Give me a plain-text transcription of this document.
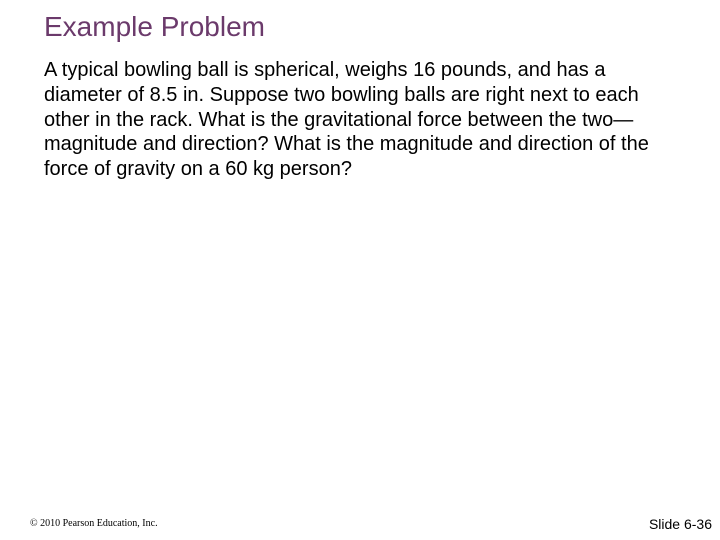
Example Problem
A typical bowling ball is spherical, weighs 16 pounds, and has a diameter of 8.5 in. Suppose two bowling balls are right next to each other in the rack. What is the gravitational force between the two—magnitude and direction? What is the magnitude and direction of the force of gravity on a 60 kg person?
© 2010 Pearson Education, Inc.	Slide 6-36
